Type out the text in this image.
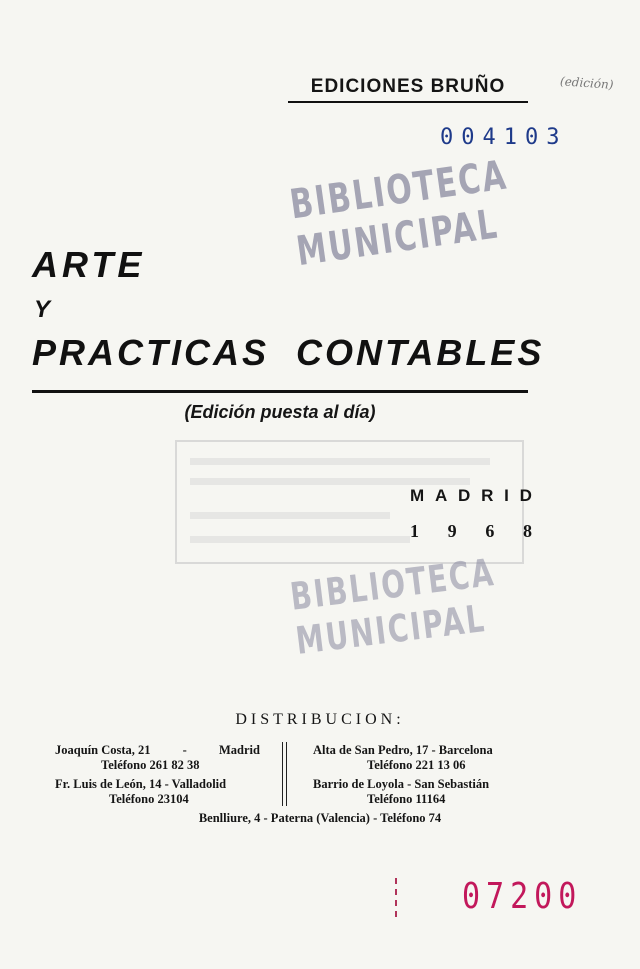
EDICIONES BRUÑO	(edición)
004103
BIBLIOTECA MUNICIPAL
ARTE
Y
PRACTICAS CONTABLES
(Edición puesta al día)
M A D R I D
1 9 6 8
BIBLIOTECA MUNICIPAL
DISTRIBUCION:
Joaquín Costa, 21	-	Madrid
Teléfono 261 82 38
Fr. Luis de León, 14 - Valladolid
Teléfono 23104
Alta de San Pedro, 17 - Barcelona
Teléfono 221 13 06
Barrio de Loyola - San Sebastián
Teléfono 11164
Benlliure, 4 - Paterna (Valencia) - Teléfono 74
07200
